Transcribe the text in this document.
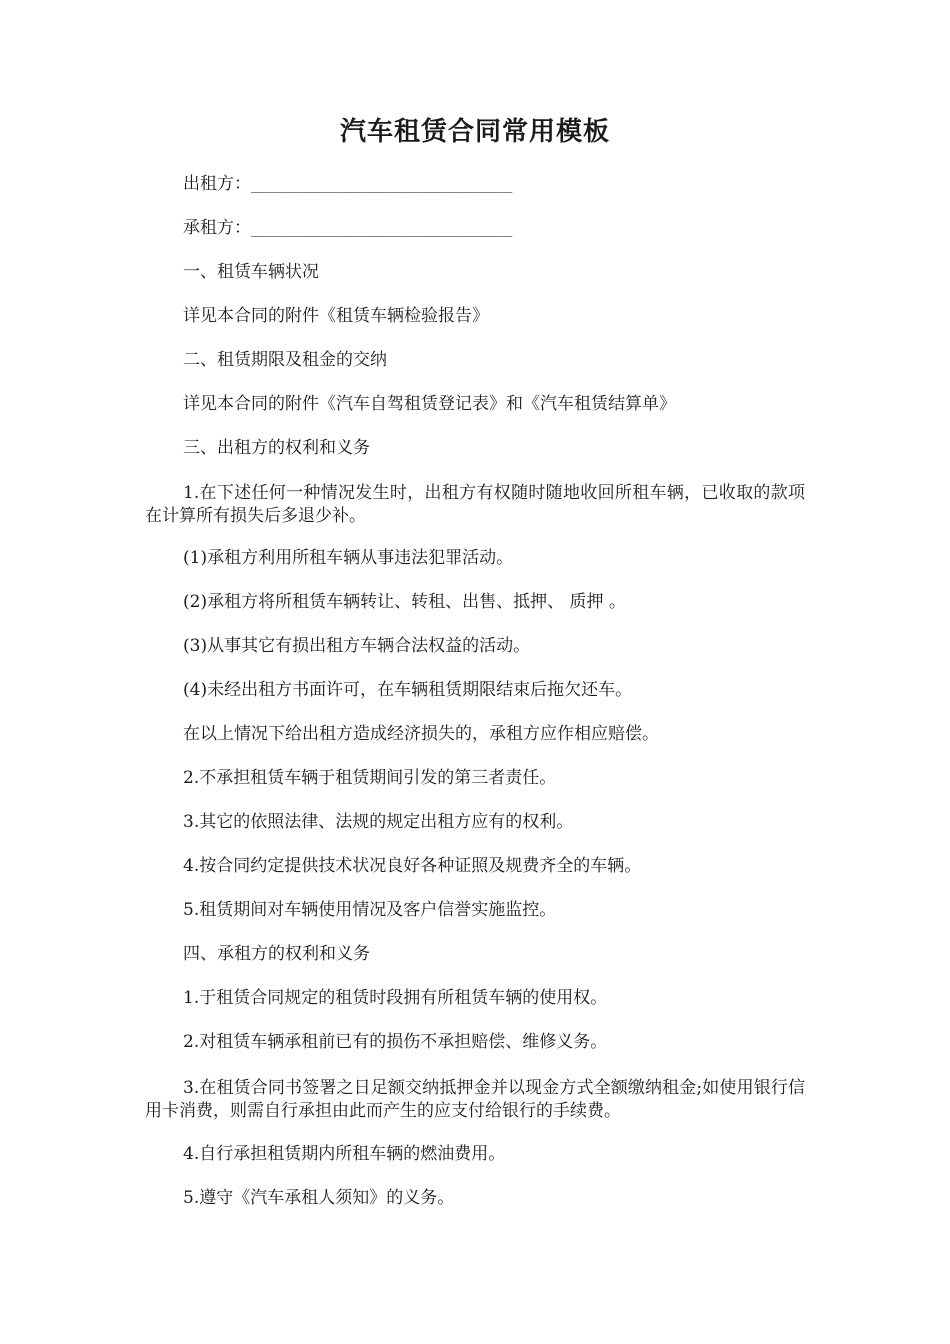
汽车租赁合同常用模板
出租方：_______________________________
承租方：_______________________________
一、租赁车辆状况
详见本合同的附件《租赁车辆检验报告》
二、租赁期限及租金的交纳
详见本合同的附件《汽车自驾租赁登记表》和《汽车租赁结算单》
三、出租方的权利和义务
1.在下述任何一种情况发生时，出租方有权随时随地收回所租车辆，已收取的款项在计算所有损失后多退少补。
(1)承租方利用所租车辆从事违法犯罪活动。
(2)承租方将所租赁车辆转让、转租、出售、抵押、 质押 。
(3)从事其它有损出租方车辆合法权益的活动。
(4)未经出租方书面许可，在车辆租赁期限结束后拖欠还车。
在以上情况下给出租方造成经济损失的，承租方应作相应赔偿。
2.不承担租赁车辆于租赁期间引发的第三者责任。
3.其它的依照法律、法规的规定出租方应有的权利。
4.按合同约定提供技术状况良好各种证照及规费齐全的车辆。
5.租赁期间对车辆使用情况及客户信誉实施监控。
四、承租方的权利和义务
1.于租赁合同规定的租赁时段拥有所租赁车辆的使用权。
2.对租赁车辆承租前已有的损伤不承担赔偿、维修义务。
3.在租赁合同书签署之日足额交纳抵押金并以现金方式全额缴纳租金;如使用银行信用卡消费，则需自行承担由此而产生的应支付给银行的手续费。
4.自行承担租赁期内所租车辆的燃油费用。
5.遵守《汽车承租人须知》的义务。
